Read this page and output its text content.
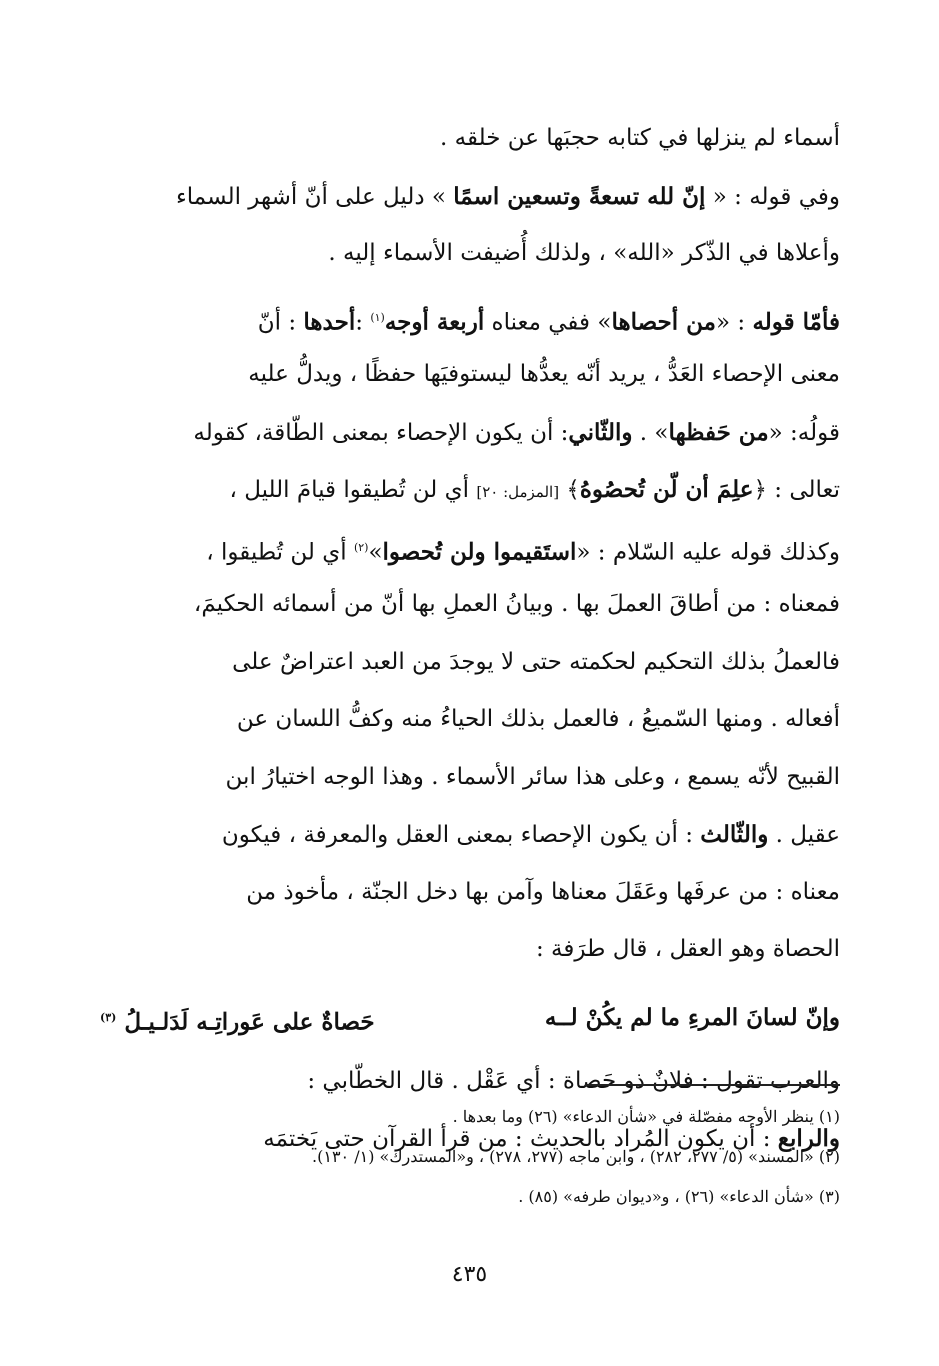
أسماء لم ينزلها في كتابه حجبَها عن خلقه .
وفي قوله : « إنّ لله تسعةً وتسعين اسمًا » دليل على أنّ أشهر السماء
وأعلاها في الذّكر «الله» ، ولذلك أُضيفت الأسماء إليه .
فأمّا قوله : «من أحصاها» ففي معناه أربعة أوجه$^{(١)}$ :أحدها : أنّ
معنى الإحصاء العَدُّ ، يريد أنّه يعدُّها ليستوفيَها حفظًا ، ويدلُّ عليه
قولُه: «من حَفظها» . والثّاني: أن يكون الإحصاء بمعنى الطّاقة، كقوله
تعالى : ﴿علِمَ أن لّن تُحصُوهُ﴾ [المزمل: ٢٠] أي لن تُطيقوا قيامَ الليل ،
وكذلك قوله عليه السّلام : «استَقيموا ولن تُحصوا»$^{(٢)}$ أي لن تُطيقوا ،
فمعناه : من أطاقَ العملَ بها . وبيانُ العملِ بها أنّ من أسمائه الحكيمَ،
فالعملُ بذلك التحكيم لحكمته حتى لا يوجدَ من العبد اعتراضٌ على
أفعاله . ومنها السّميعُ ، فالعمل بذلك الحياءُ منه وكفُّ اللسان عن
القبيح لأنّه يسمع ، وعلى هذا سائر الأسماء . وهذا الوجه اختيارُ ابن
عقيل . والثّالث : أن يكون الإحصاء بمعنى العقل والمعرفة ، فيكون
معناه : من عرفَها وعَقَلَ معناها وآمن بها دخل الجنّة ، مأخوذ من
الحصاة وهو العقل ، قال طرَفة :
وإنّ لسانَ المرءِ ما لم يكُنْ لــه
حَصاةٌ على عَوراتِـه لَدَلـيـلُ $^{(٣)}$
والعرب تقول : فلانٌ ذو حَصاة : أي عَقْل . قال الخطّابي :
والرابع : أن يكون المُراد بالحديث : من قرأ القرآن حتى يَختمَه
(١) ينظر الأوجه مفصّلة في «شأن الدعاء» (٢٦) وما بعدها .
(٢) «المسند» (٥/ ٢٧٧، ٢٨٢) ، وابن ماجه (٢٧٧، ٢٧٨) ، و«المستدرك» (١/ ١٣٠).
(٣) «شأن الدعاء» (٢٦) ، و«ديوان طرفه» (٨٥) .
٤٣٥
